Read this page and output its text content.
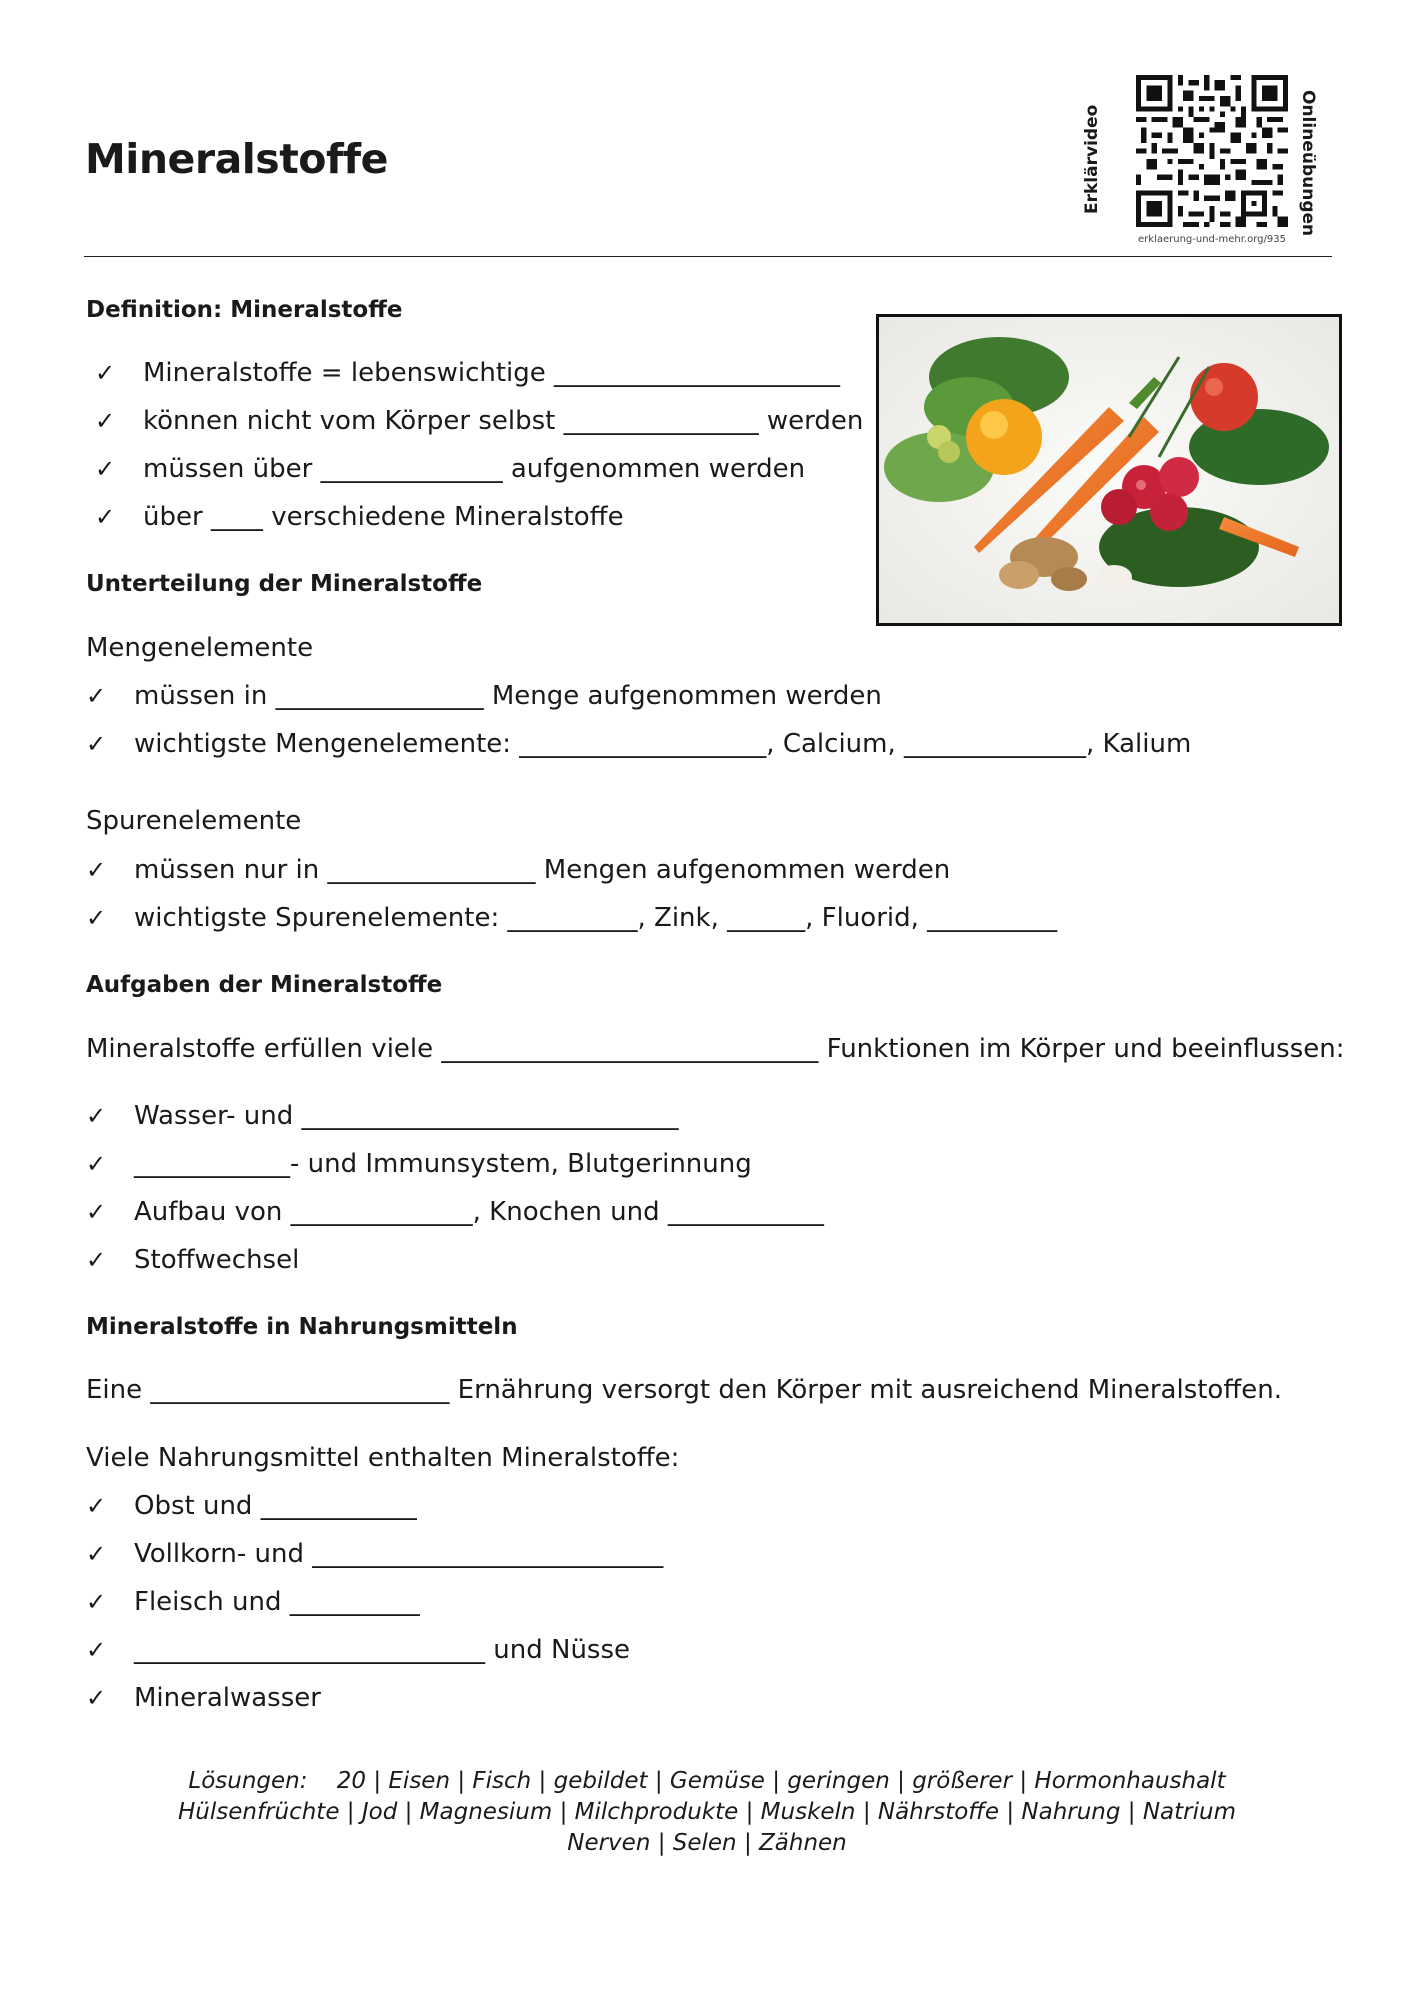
Mineralstoffe	Erklärvideo	Onlineübungen
erklaerung-und-mehr.org/935
Definition: Mineralstoffe
✓ Mineralstoffe = lebenswichtige ______________________
✓ können nicht vom Körper selbst _______________ werden
✓ müssen über ______________ aufgenommen werden
✓ über ____ verschiedene Mineralstoffe
Unterteilung der Mineralstoffe
Mengenelemente
✓ müssen in ________________ Menge aufgenommen werden
✓ wichtigste Mengenelemente: ___________________, Calcium, ______________, Kalium
Spurenelemente
✓ müssen nur in ________________ Mengen aufgenommen werden
✓ wichtigste Spurenelemente: __________, Zink, ______, Fluorid, __________
Aufgaben der Mineralstoffe
Mineralstoffe erfüllen viele _____________________________ Funktionen im Körper und beeinflussen:
✓ Wasser- und _____________________________
✓ ____________- und Immunsystem, Blutgerinnung
✓ Aufbau von ______________, Knochen und ____________
✓ Stoffwechsel
Mineralstoffe in Nahrungsmitteln
Eine _______________________ Ernährung versorgt den Körper mit ausreichend Mineralstoffen.
Viele Nahrungsmittel enthalten Mineralstoffe:
✓ Obst und ____________
✓ Vollkorn- und ___________________________
✓ Fleisch und __________
✓ ___________________________ und Nüsse
✓ Mineralwasser
Lösungen: 20 | Eisen | Fisch | gebildet | Gemüse | geringen | größerer | Hormonhaushalt
Hülsenfrüchte | Jod | Magnesium | Milchprodukte | Muskeln | Nährstoffe | Nahrung | Natrium
Nerven | Selen | Zähnen
